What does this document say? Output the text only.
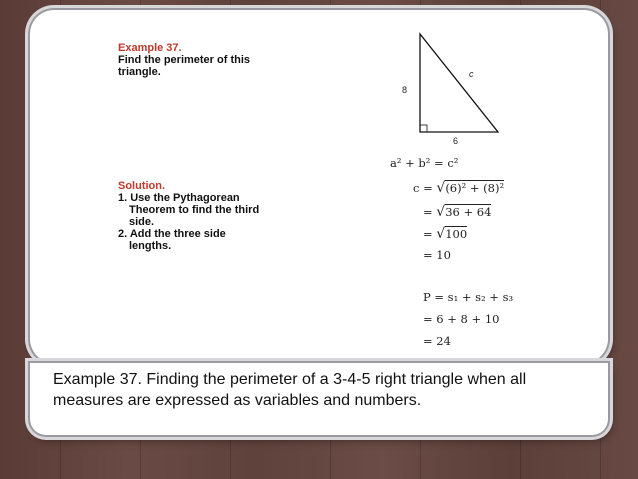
Example 37.
Find the perimeter of this
triangle.
8
6
c
Solution.
1. Use the Pythagorean
Theorem to find the third
side.
2. Add the three side
lengths.
a² + b² = c²
c = √(6)² + (8)²
= √36 + 64
= √100
= 10
P = s₁ + s₂ + s₃
= 6 + 8 + 10
= 24
Example 37. Finding the perimeter of a 3-4-5 right triangle when all measures are expressed as variables and numbers.
